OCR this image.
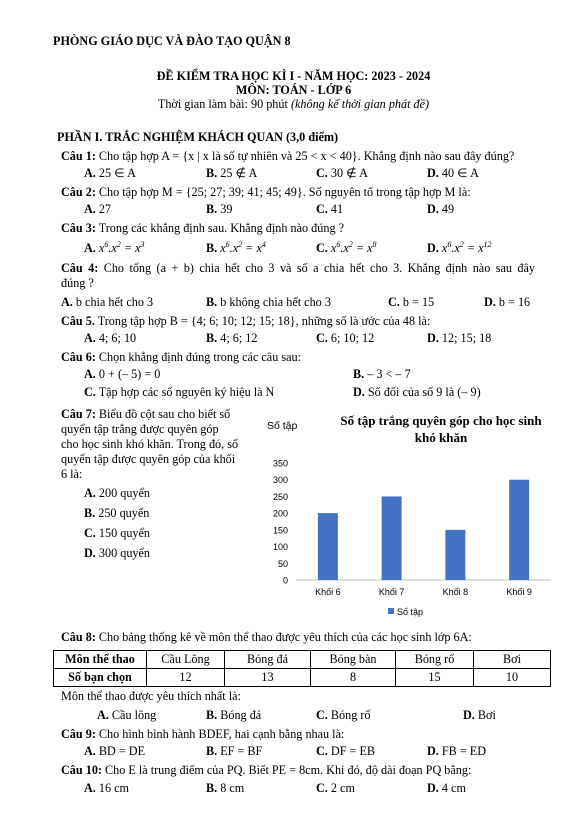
PHÒNG GIÁO DỤC VÀ ĐÀO TẠO QUẬN 8
ĐỀ KIỂM TRA HỌC KÌ I - NĂM HỌC: 2023 - 2024
MÔN: TOÁN - LỚP 6
Thời gian làm bài: 90 phút (không kể thời gian phát đề)
PHẦN I. TRẮC NGHIỆM KHÁCH QUAN (3,0 điểm)
Câu 1: Cho tập hợp A = {x | x là số tự nhiên và 25 < x < 40}. Khẳng định nào sau đây đúng?
A. 25 ∈ A	B. 25 ∉ A	C. 30 ∉ A	D. 40 ∈ A
Câu 2: Cho tập hợp M = {25; 27; 39; 41; 45; 49}. Số nguyên tố trong tập hợp M là:
A. 27	B. 39	C. 41	D. 49
Câu 3: Trong các khẳng định sau. Khẳng định nào đúng ?
A. $x^6.x^2 = x^3$	B. $x^6.x^2 = x^4$	C. $x^6.x^2 = x^8$	D. $x^6.x^2 = x^{12}$
Câu 4: Cho tổng (a + b) chia hết cho 3 và số a chia hết cho 3. Khẳng định nào sau đây
đúng ?
A. b chia hết cho 3	B. b không chia hết cho 3	C. b = 15	D. b = 16
Câu 5. Trong tập hợp B = {4; 6; 10; 12; 15; 18}, những số là ước của 48 là:
A. 4; 6; 10	B. 4; 6; 12	C. 6; 10; 12	D. 12; 15; 18
Câu 6: Chọn khẳng định đúng trong các câu sau:
A. 0 + (– 5) = 0	B. – 3 < – 7
C. Tập hợp các số nguyên ký hiệu là N	D. Số đối của số 9 là (– 9)
Câu 7: Biểu đồ cột sau cho biết số
quyển tập trắng được quyên góp
cho học sinh khó khăn. Trong đó, số
quyển tập được quyên góp của khối
6 là:
A. 200 quyển
B. 250 quyển
C. 150 quyển
D. 300 quyển
Số tập	Số tập trắng quyên góp cho học sinh
khó khăn
0
50
100
150
200
250
300
350
Khối 6	Khối 7	Khối 8	Khối 9
Số tập
Câu 8: Cho bảng thống kê về môn thể thao được yêu thích của các học sinh lớp 6A:
Môn thể thao	Cầu Lông	Bóng đá	Bóng bàn	Bóng rổ	Bơi
Số bạn chọn	12	13	8	15	10
Môn thể thao được yêu thích nhất là:
A. Cầu lông	B. Bóng đá	C. Bóng rổ	D. Bơi
Câu 9: Cho hình bình hành BDEF, hai cạnh bằng nhau là:
A. BD = DE	B. EF = BF	C. DF = EB	D. FB = ED
Câu 10: Cho E là trung điểm của PQ. Biết PE = 8cm. Khi đó, độ dài đoạn PQ bằng:
A. 16 cm	B. 8 cm	C. 2 cm	D. 4 cm
